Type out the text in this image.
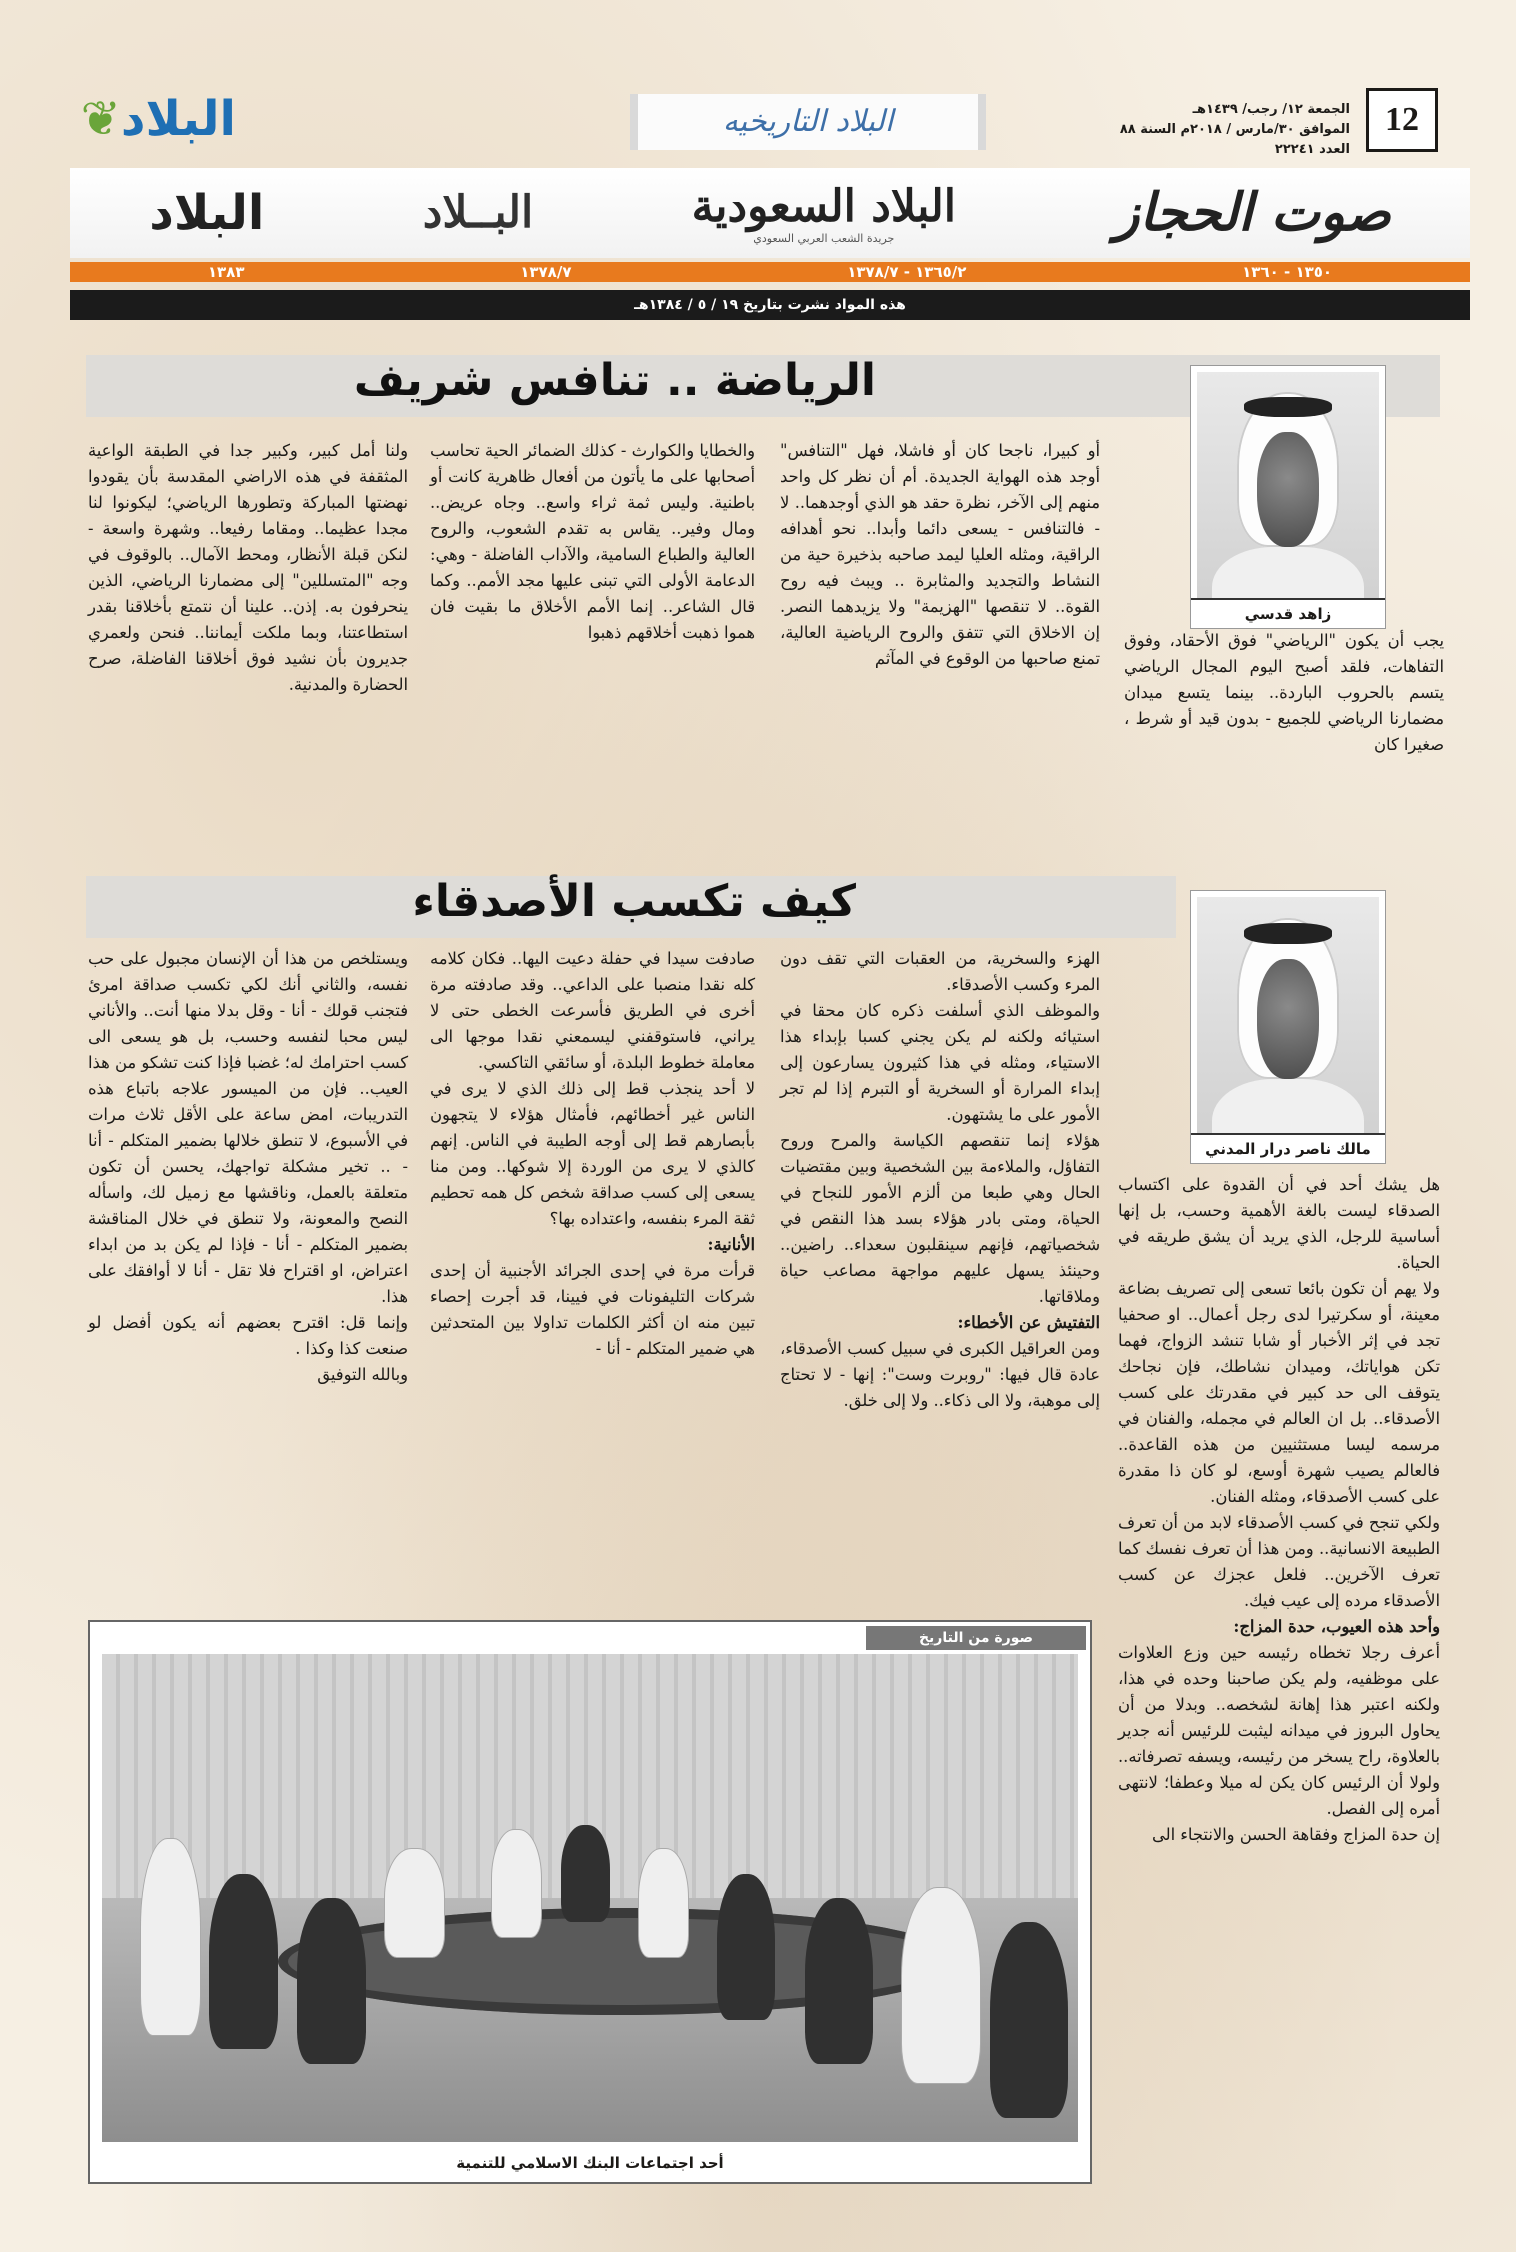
12
الجمعة ١٢/ رجب/ ١٤٣٩هـ
الموافق ٣٠/مارس / ٢٠١٨م السنة ٨٨ العدد ٢٢٢٤١
البلاد التاريخيه
البلاد❦
صوت الحجاز
البلاد السعودية
جريدة الشعب العربي السعودي
البــلاد
البلاد
١٣٥٠ - ١٣٦٠
١٣٦٥/٢ - ١٣٧٨/٧
١٣٧٨/٧
١٣٨٣
هذه المواد نشرت بتاريخ ١٩ / ٥ / ١٣٨٤هـ
الرياضة .. تنافس شريف
زاهد قدسي
يجب أن يكون "الرياضي" فوق الأحقاد، وفوق التفاهات، فلقد أصبح اليوم المجال الرياضي يتسم بالحروب الباردة.. بينما يتسع ميدان مضمارنا الرياضي للجميع - بدون قيد أو شرط ، صغيرا كان
أو كبيرا، ناجحا كان أو فاشلا، فهل "التنافس" أوجد هذه الهواية الجديدة. أم أن نظر كل واحد منهم إلى الآخر، نظرة حقد هو الذي أوجدهما.. لا - فالتنافس - يسعى دائما وأبدا.. نحو أهدافه الراقية، ومثله العليا ليمد صاحبه بذخيرة حية من النشاط والتجديد والمثابرة .. ويبث فيه روح القوة.. لا تنقصها "الهزيمة" ولا يزيدهما النصر. إن الاخلاق التي تتفق والروح الرياضية العالية، تمنع صاحبها من الوقوع في المآثم
والخطايا والكوارث - كذلك الضمائر الحية تحاسب أصحابها على ما يأتون من أفعال ظاهرية كانت أو باطنية. وليس ثمة ثراء واسع.. وجاه عريض.. ومال وفير.. يقاس به تقدم الشعوب، والروح العالية والطباع السامية، والآداب الفاضلة - وهي: الدعامة الأولى التي تبنى عليها مجد الأمم.. وكما قال الشاعر.. إنما الأمم الأخلاق ما بقيت فان هموا ذهبت أخلاقهم ذهبوا
ولنا أمل كبير، وكبير جدا في الطبقة الواعية المثقفة في هذه الاراضي المقدسة بأن يقودوا نهضتها المباركة وتطورها الرياضي؛ ليكونوا لنا مجدا عظيما.. ومقاما رفيعا.. وشهرة واسعة - لنكن قبلة الأنظار، ومحط الآمال.. بالوقوف في وجه "المتسللين" إلى مضمارنا الرياضي، الذين ينحرفون به. إذن.. علينا أن نتمتع بأخلاقنا بقدر استطاعتنا، وبما ملكت أيماننا.. فنحن ولعمري جديرون بأن نشيد فوق أخلاقنا الفاضلة، صرح الحضارة والمدنية.
كيف تكسب الأصدقاء
مالك ناصر درار المدني

هل يشك أحد في أن القدوة على اكتساب الصدقاء ليست بالغة الأهمية وحسب، بل إنها أساسية للرجل، الذي يريد أن يشق طريقه في الحياة.

ولا يهم أن تكون بائعا تسعى إلى تصريف بضاعة معينة، أو سكرتيرا لدى رجل أعمال.. او صحفيا تجد في إثر الأخبار أو شابا تنشد الزواج، فهما تكن هواياتك، وميدان نشاطك، فإن نجاحك يتوقف الى حد كبير في مقدرتك على كسب الأصدقاء.. بل ان العالم في مجمله، والفنان في مرسمه ليسا مستثنيين من هذه القاعدة.. فالعالم يصيب شهرة أوسع، لو كان ذا مقدرة على كسب الأصدقاء، ومثله الفنان.

ولكي تنجح في كسب الأصدقاء لابد من أن تعرف الطبيعة الانسانية.. ومن هذا أن تعرف نفسك كما تعرف الآخرين.. فلعل عجزك عن كسب الأصدقاء مرده إلى عيب فيك.

وأحد هذه العيوب، حدة المزاج:

أعرف رجلا تخطاه رئيسه حين وزع العلاوات على موظفيه، ولم يكن صاحبنا وحده في هذا، ولكنه اعتبر هذا إهانة لشخصه.. وبدلا من أن يحاول البروز في ميدانه ليثبت للرئيس أنه جدير بالعلاوة، راح يسخر من رئيسه، ويسفه تصرفاته.. ولولا أن الرئيس كان يكن له ميلا وعطفا؛ لانتهى أمره إلى الفصل.

إن حدة المزاج وفقاهة الحسن والانتجاء الى

الهزء والسخرية، من العقبات التي تقف دون المرء وكسب الأصدقاء.

والموظف الذي أسلفت ذكره كان محقا في استيائه ولكنه لم يكن يجني كسبا بإبداء هذا الاستياء، ومثله في هذا كثيرون يسارعون إلى إبداء المرارة أو السخرية أو التبرم إذا لم تجر الأمور على ما يشتهون.

هؤلاء إنما تنقصهم الكياسة والمرح وروح التفاؤل، والملاءمة بين الشخصية وبين مقتضيات الحال وهي طبعا من ألزم الأمور للنجاح في الحياة، ومتى بادر هؤلاء بسد هذا النقص في شخصياتهم، فإنهم سينقلبون سعداء.. راضين.. وحينئذ يسهل عليهم مواجهة مصاعب حياة وملاقاتها.

التفتيش عن الأخطاء:

ومن العراقيل الكبرى في سبيل كسب الأصدقاء، عادة قال فيها: "روبرت وست": إنها - لا تحتاج إلى موهبة، ولا الى ذكاء.. ولا إلى خلق.

صادفت سيدا في حفلة دعيت اليها.. فكان كلامه كله نقدا منصبا على الداعي.. وقد صادفته مرة أخرى في الطريق فأسرعت الخطى حتى لا يراني، فاستوقفني ليسمعني نقدا موجها الى معاملة خطوط البلدة، أو سائقي التاكسي.

لا أحد ينجذب قط إلى ذلك الذي لا يرى في الناس غير أخطائهم، فأمثال هؤلاء لا يتجهون بأبصارهم قط إلى أوجه الطيبة في الناس. إنهم كالذي لا يرى من الوردة إلا شوكها.. ومن منا يسعى إلى كسب صداقة شخص كل همه تحطيم ثقة المرء بنفسه، واعتداده بها؟

الأنانية:

قرأت مرة في إحدى الجرائد الأجنبية أن إحدى شركات التليفونات في فيينا، قد أجرت إحصاء تبين منه ان أكثر الكلمات تداولا بين المتحدثين هي ضمير المتكلم - أنا -

ويستلخص من هذا أن الإنسان مجبول على حب نفسه، والثاني أنك لكي تكسب صداقة امرئ فتجنب قولك - أنا - وقل بدلا منها أنت.. والأناني ليس محبا لنفسه وحسب، بل هو يسعى الى كسب احترامك له؛ غضبا فإذا كنت تشكو من هذا العيب.. فإن من الميسور علاجه باتباع هذه التدريبات، امض ساعة على الأقل ثلاث مرات في الأسبوع، لا تنطق خلالها بضمير المتكلم - أنا - .. تخير مشكلة تواجهك، يحسن أن تكون متعلقة بالعمل، وناقشها مع زميل لك، واسأله النصح والمعونة، ولا تنطق في خلال المناقشة بضمير المتكلم - أنا - فإذا لم يكن بد من ابداء اعتراض، او اقتراح فلا تقل - أنا لا أوافقك على هذا.

وإنما قل: اقترح بعضهم أنه يكون أفضل لو صنعت كذا وكذا .

وبالله التوفيق

صورة من التاريخ
أحد اجتماعات البنك الاسلامي للتنمية
